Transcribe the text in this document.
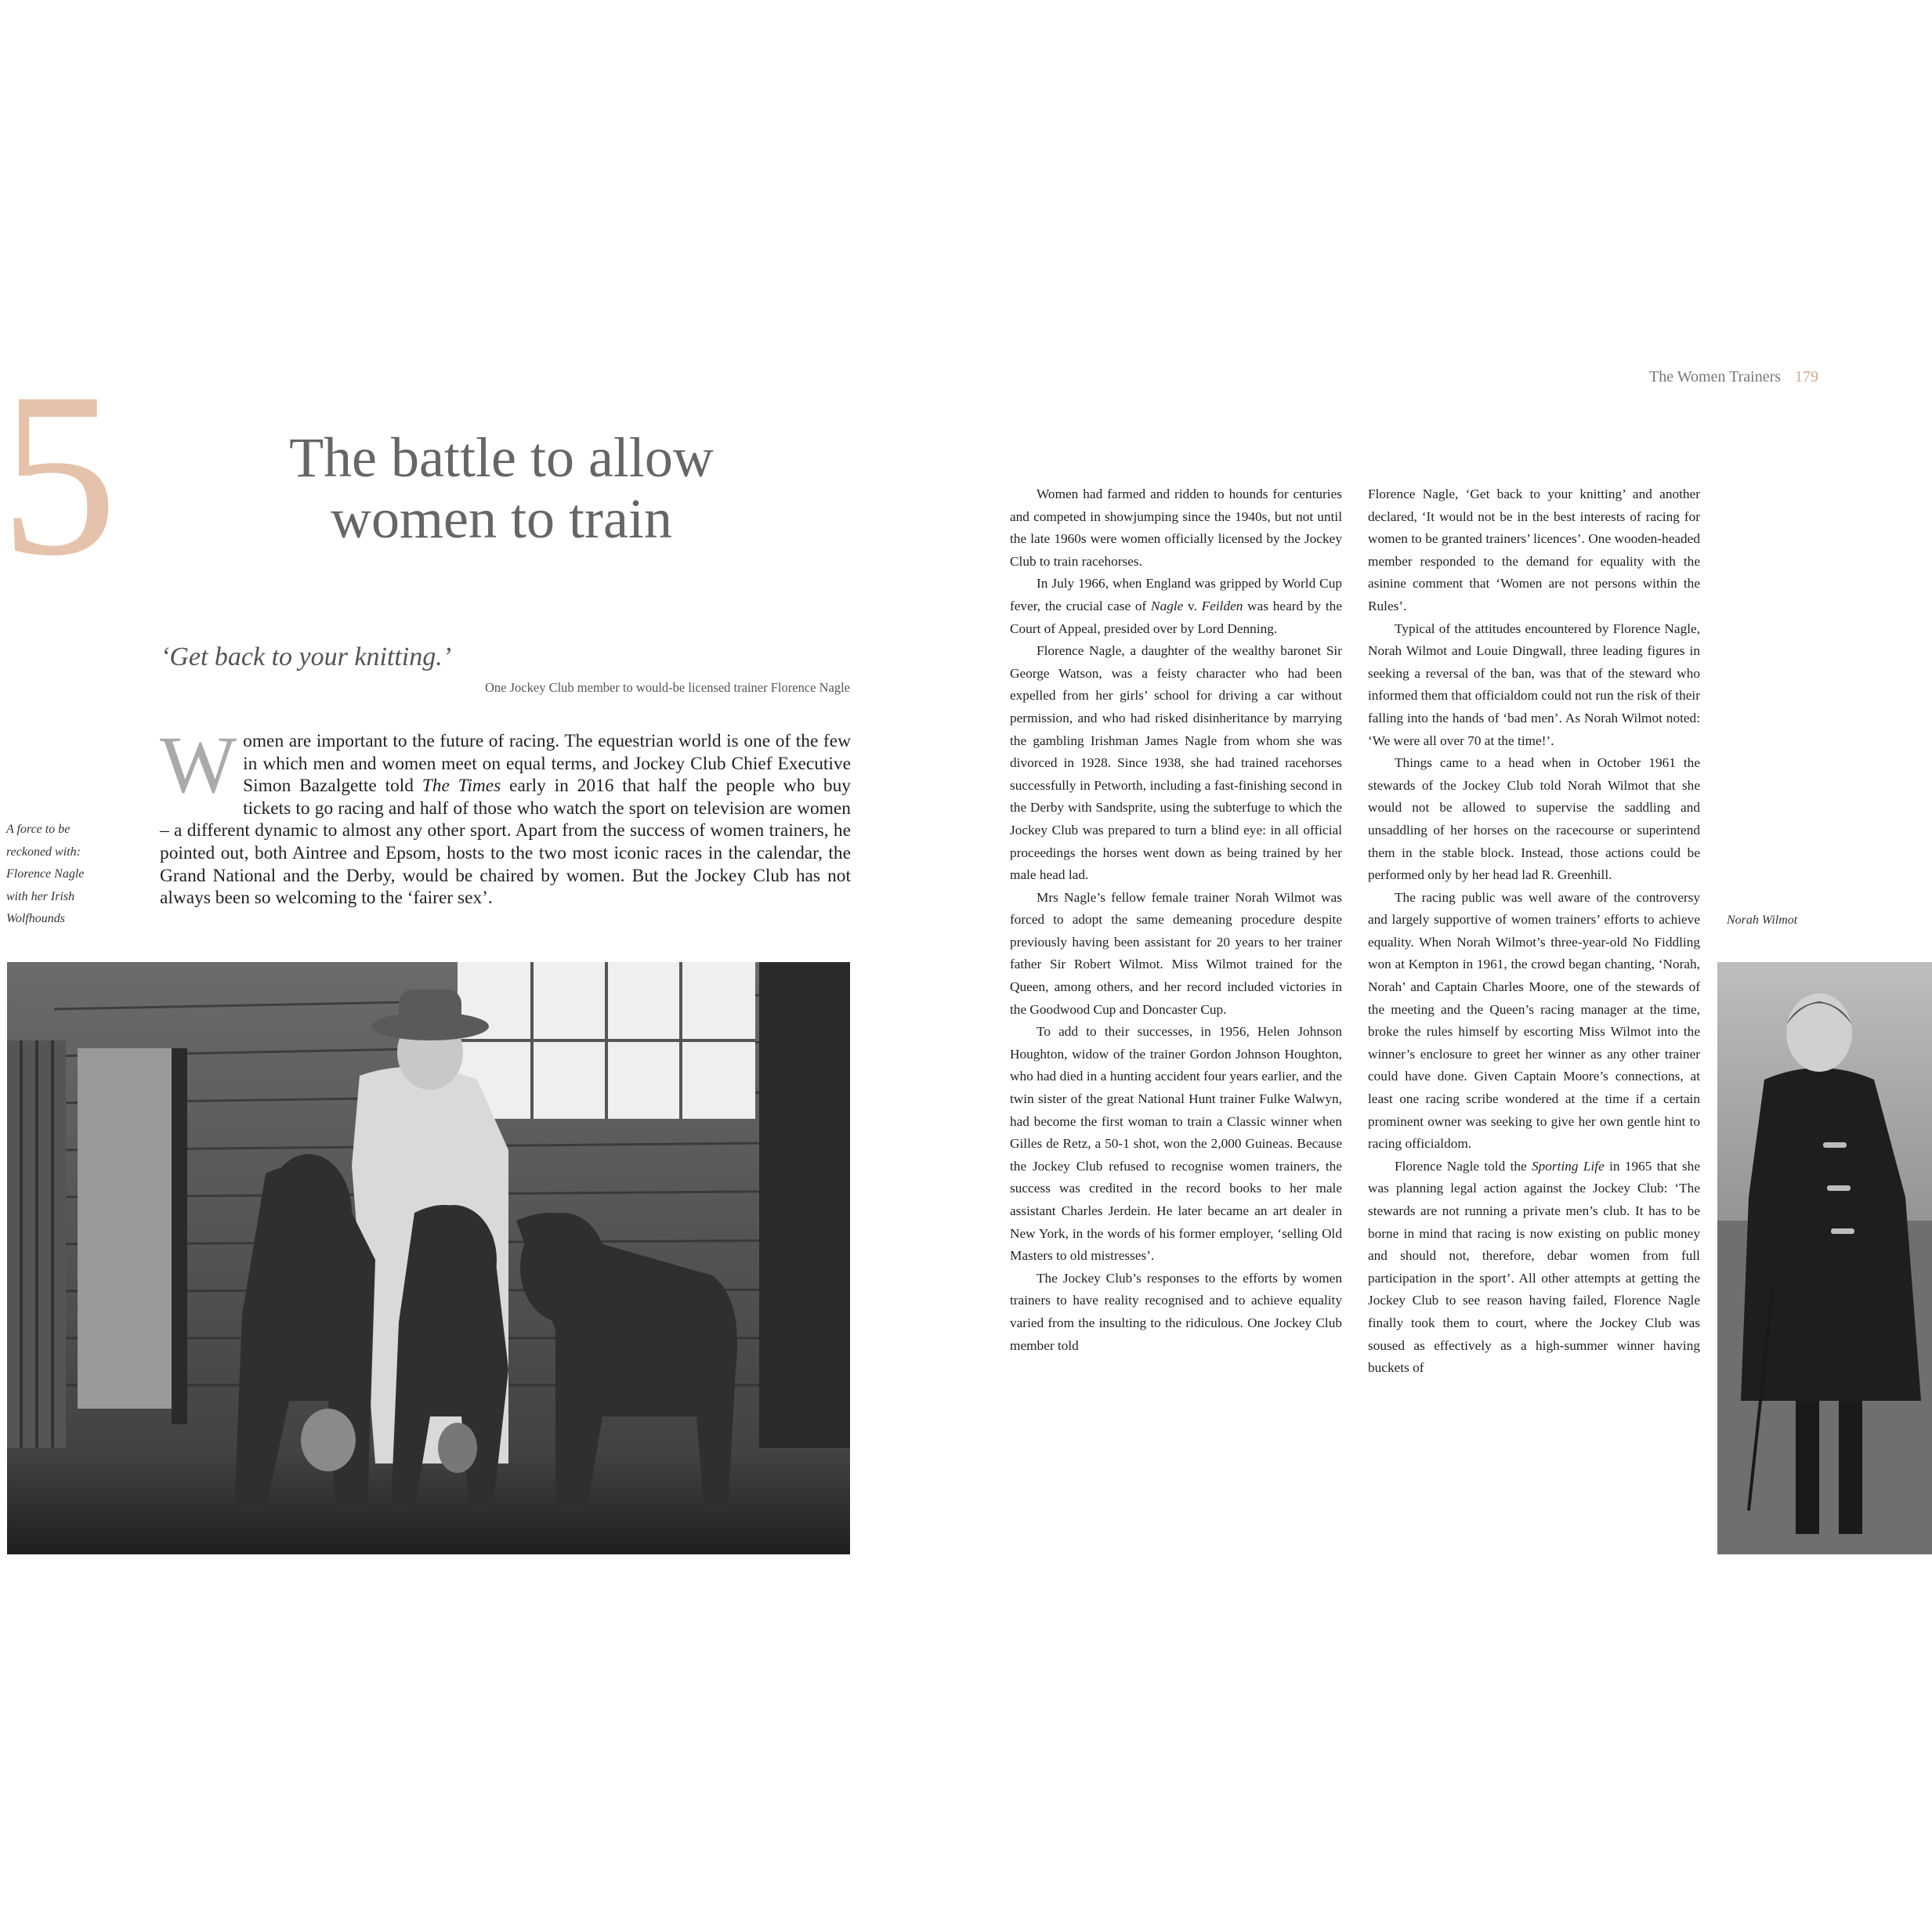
5	The battle to allow
women to train
‘Get back to your knitting.’
One Jockey Club member to would-be licensed trainer Florence Nagle
Women are important to the future of racing. The equestrian world is one of the few in which men and women meet on equal terms, and Jockey Club Chief Executive Simon Bazalgette told The Times early in 2016 that half the people who buy tickets to go racing and half of those who watch the sport on television are women – a different dynamic to almost any other sport. Apart from the success of women trainers, he pointed out, both Aintree and Epsom, hosts to the two most iconic races in the calendar, the Grand National and the Derby, would be chaired by women. But the Jockey Club has not always been so welcoming to the ‘fairer sex’.
A force to be reckoned with: Florence Nagle with her Irish Wolfhounds	Norah Wilmot
The Women Trainers 179

Women had farmed and ridden to hounds for centuries and competed in showjumping since the 1940s, but not until the late 1960s were women officially licensed by the Jockey Club to train racehorses.

In July 1966, when England was gripped by World Cup fever, the crucial case of Nagle v. Feilden was heard by the Court of Appeal, presided over by Lord Denning.

Florence Nagle, a daughter of the wealthy baronet Sir George Watson, was a feisty character who had been expelled from her girls’ school for driving a car without permission, and who had risked disinheritance by marrying the gambling Irishman James Nagle from whom she was divorced in 1928. Since 1938, she had trained racehorses successfully in Petworth, including a fast-finishing second in the Derby with Sandsprite, using the subterfuge to which the Jockey Club was prepared to turn a blind eye: in all official proceedings the horses went down as being trained by her male head lad.

Mrs Nagle’s fellow female trainer Norah Wilmot was forced to adopt the same demeaning procedure despite previously having been assistant for 20 years to her trainer father Sir Robert Wilmot. Miss Wilmot trained for the Queen, among others, and her record included victories in the Goodwood Cup and Doncaster Cup.

To add to their successes, in 1956, Helen Johnson Houghton, widow of the trainer Gordon Johnson Houghton, who had died in a hunting accident four years earlier, and the twin sister of the great National Hunt trainer Fulke Walwyn, had become the first woman to train a Classic winner when Gilles de Retz, a 50-1 shot, won the 2,000 Guineas. Because the Jockey Club refused to recognise women trainers, the success was credited in the record books to her male assistant Charles Jerdein. He later became an art dealer in New York, in the words of his former employer, ‘selling Old Masters to old mistresses’.

The Jockey Club’s responses to the efforts by women trainers to have reality recognised and to achieve equality varied from the insulting to the ridiculous. One Jockey Club member told

Florence Nagle, ‘Get back to your knitting’ and another declared, ‘It would not be in the best interests of racing for women to be granted trainers’ licences’. One wooden-headed member responded to the demand for equality with the asinine comment that ‘Women are not persons within the Rules’.

Typical of the attitudes encountered by Florence Nagle, Norah Wilmot and Louie Dingwall, three leading figures in seeking a reversal of the ban, was that of the steward who informed them that officialdom could not run the risk of their falling into the hands of ‘bad men’. As Norah Wilmot noted: ‘We were all over 70 at the time!’.

Things came to a head when in October 1961 the stewards of the Jockey Club told Norah Wilmot that she would not be allowed to supervise the saddling and unsaddling of her horses on the racecourse or superintend them in the stable block. Instead, those actions could be performed only by her head lad R. Greenhill.

The racing public was well aware of the controversy and largely supportive of women trainers’ efforts to achieve equality. When Norah Wilmot’s three-year-old No Fiddling won at Kempton in 1961, the crowd began chanting, ‘Norah, Norah’ and Captain Charles Moore, one of the stewards of the meeting and the Queen’s racing manager at the time, broke the rules himself by escorting Miss Wilmot into the winner’s enclosure to greet her winner as any other trainer could have done. Given Captain Moore’s connections, at least one racing scribe wondered at the time if a certain prominent owner was seeking to give her own gentle hint to racing officialdom.

Florence Nagle told the Sporting Life in 1965 that she was planning legal action against the Jockey Club: ‘The stewards are not running a private men’s club. It has to be borne in mind that racing is now existing on public money and should not, therefore, debar women from full participation in the sport’. All other attempts at getting the Jockey Club to see reason having failed, Florence Nagle finally took them to court, where the Jockey Club was soused as effectively as a high-summer winner having buckets of
